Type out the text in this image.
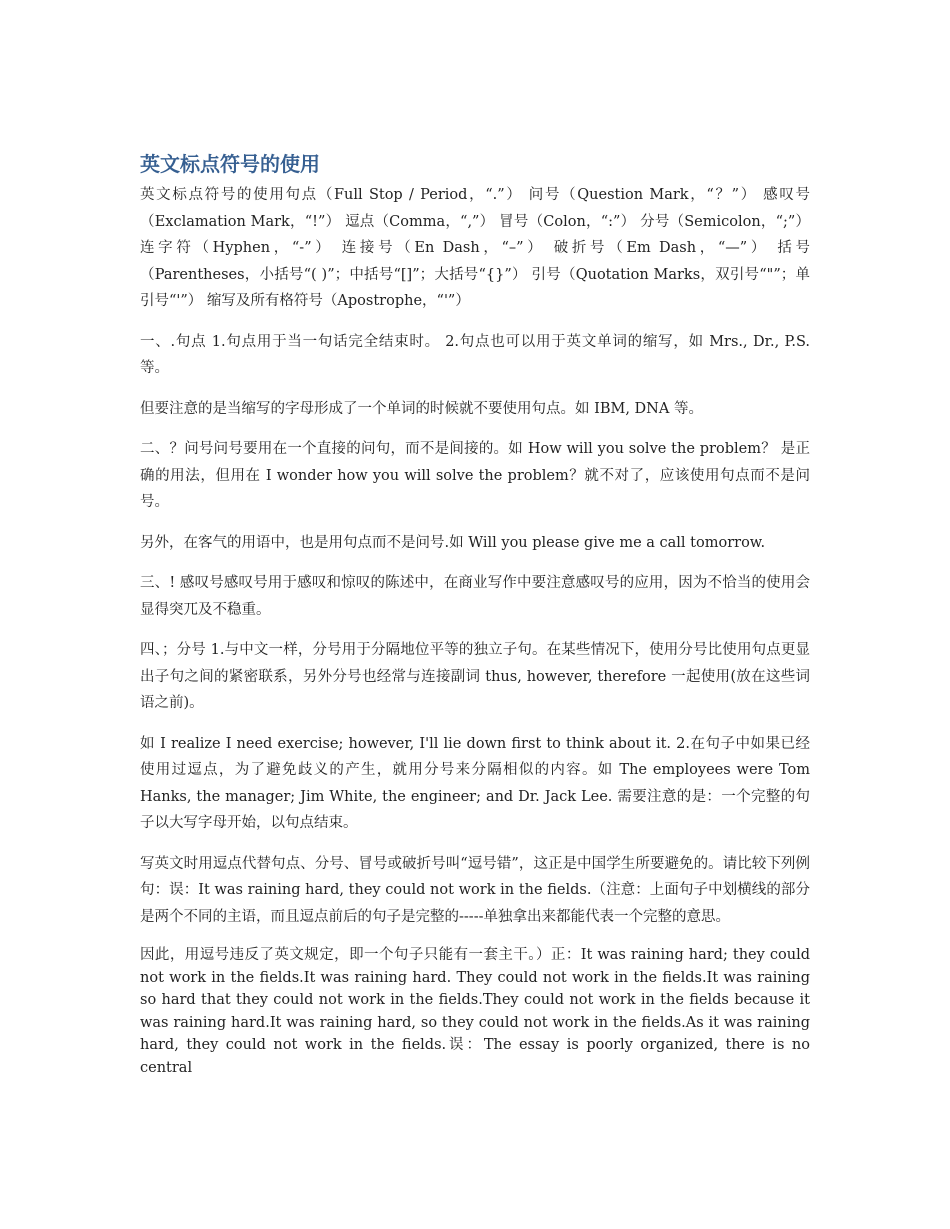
英文标点符号的使用

英文标点符号的使用句点（Full Stop / Period，“.”） 问号（Question Mark，“？”） 感叹号（Exclamation Mark，“!”） 逗点（Comma，“,”） 冒号（Colon，“:”） 分号（Semicolon，“;”） 连字符（Hyphen，“-”） 连接号（En Dash，“–”） 破折号（Em Dash，“—”） 括号（Parentheses，小括号“( )”；中括号“[]”；大括号“{}”） 引号（Quotation Marks，双引号“"”；单引号“'”） 缩写及所有格符号（Apostrophe，“'”）

一、.句点 1.句点用于当一句话完全结束时。 2.句点也可以用于英文单词的缩写，如 Mrs., Dr., P.S. 等。

但要注意的是当缩写的字母形成了一个单词的时候就不要使用句点。如 IBM, DNA 等。

二、？问号问号要用在一个直接的问句，而不是间接的。如 How will you solve the problem？ 是正确的用法，但用在 I wonder how you will solve the problem？就不对了，应该使用句点而不是问号。

另外，在客气的用语中，也是用句点而不是问号.如 Will you please give me a call tomorrow.

三、! 感叹号感叹号用于感叹和惊叹的陈述中，在商业写作中要注意感叹号的应用，因为不恰当的使用会显得突兀及不稳重。

四、；分号 1.与中文一样，分号用于分隔地位平等的独立子句。在某些情况下，使用分号比使用句点更显出子句之间的紧密联系，另外分号也经常与连接副词 thus, however, therefore 一起使用(放在这些词语之前)。

如 I realize I need exercise; however, I'll lie down first to think about it. 2.在句子中如果已经使用过逗点，为了避免歧义的产生，就用分号来分隔相似的内容。如 The employees were Tom Hanks, the manager; Jim White, the engineer; and Dr. Jack Lee. 需要注意的是：一个完整的句子以大写字母开始，以句点结束。

写英文时用逗点代替句点、分号、冒号或破折号叫“逗号错”，这正是中国学生所要避免的。请比较下列例句：误：It was raining hard, they could not work in the fields.（注意：上面句子中划横线的部分是两个不同的主语，而且逗点前后的句子是完整的-----单独拿出来都能代表一个完整的意思。

因此，用逗号违反了英文规定，即一个句子只能有一套主干。）正：It was raining hard; they could not work in the fields.It was raining hard. They could not work in the fields.It was raining so hard that they could not work in the fields.They could not work in the fields because it was raining hard.It was raining hard, so they could not work in the fields.As it was raining hard, they could not work in the fields.误：The essay is poorly organized, there is no central
